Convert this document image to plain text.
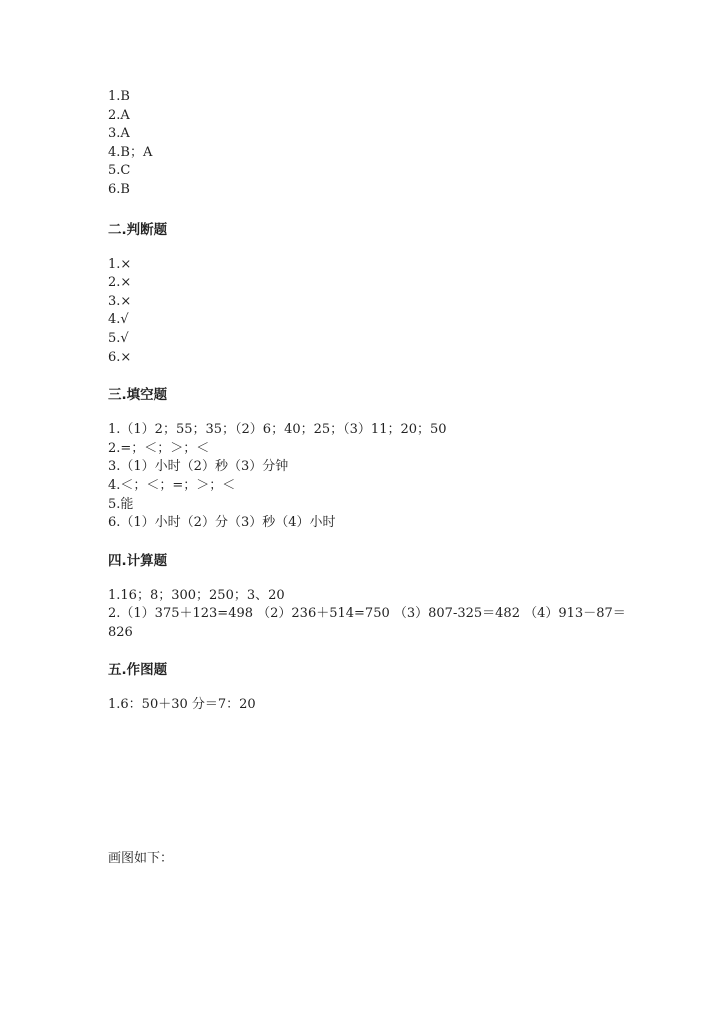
1.B
2.A
3.A
4.B；A
5.C
6.B
二.判断题
1.×
2.×
3.×
4.√
5.√
6.×
三.填空题
1.（1）2；55；35；（2）6；40；25；（3）11；20；50
2.=；＜；＞；＜
3.（1）小时（2）秒（3）分钟
4.＜；＜；=；＞；＜
5.能
6.（1）小时（2）分（3）秒（4）小时
四.计算题
1.16；8；300；250；3、20
2.（1）375＋123=498 （2）236＋514=750 （3）807-325＝482 （4）913－87＝826
五.作图题
1.6：50＋30 分＝7：20
画图如下：
